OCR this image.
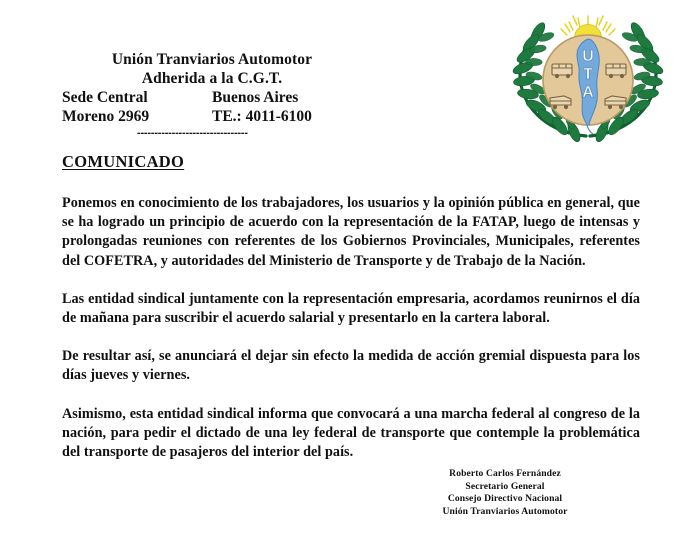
Unión Tranviarios Automotor
Adherida a la C.G.T.
Sede Central	Buenos Aires
Moreno 2969	TE.: 4011-6100
--------------------------------
U
T
A
COMUNICADO

Ponemos en conocimiento de los trabajadores, los usuarios y la opinión pública en general, que se ha logrado un principio de acuerdo con la representación de la FATAP, luego de intensas y prolongadas reuniones con referentes de los Gobiernos Provinciales, Municipales, referentes del COFETRA, y autoridades del Ministerio de Transporte y de Trabajo de la Nación.

Las entidad sindical juntamente con la representación empresaria, acordamos reunirnos el día de mañana para suscribir el acuerdo salarial y presentarlo en la cartera laboral.

De resultar así, se anunciará el dejar sin efecto la medida de acción gremial dispuesta para los días jueves y viernes.

Asimismo, esta entidad sindical informa que convocará a una marcha federal al congreso de la nación, para pedir el dictado de una ley federal de transporte que contemple la problemática del transporte de pasajeros del interior del país.

Roberto Carlos Fernández
Secretario General
Consejo Directivo Nacional
Unión Tranviarios Automotor
